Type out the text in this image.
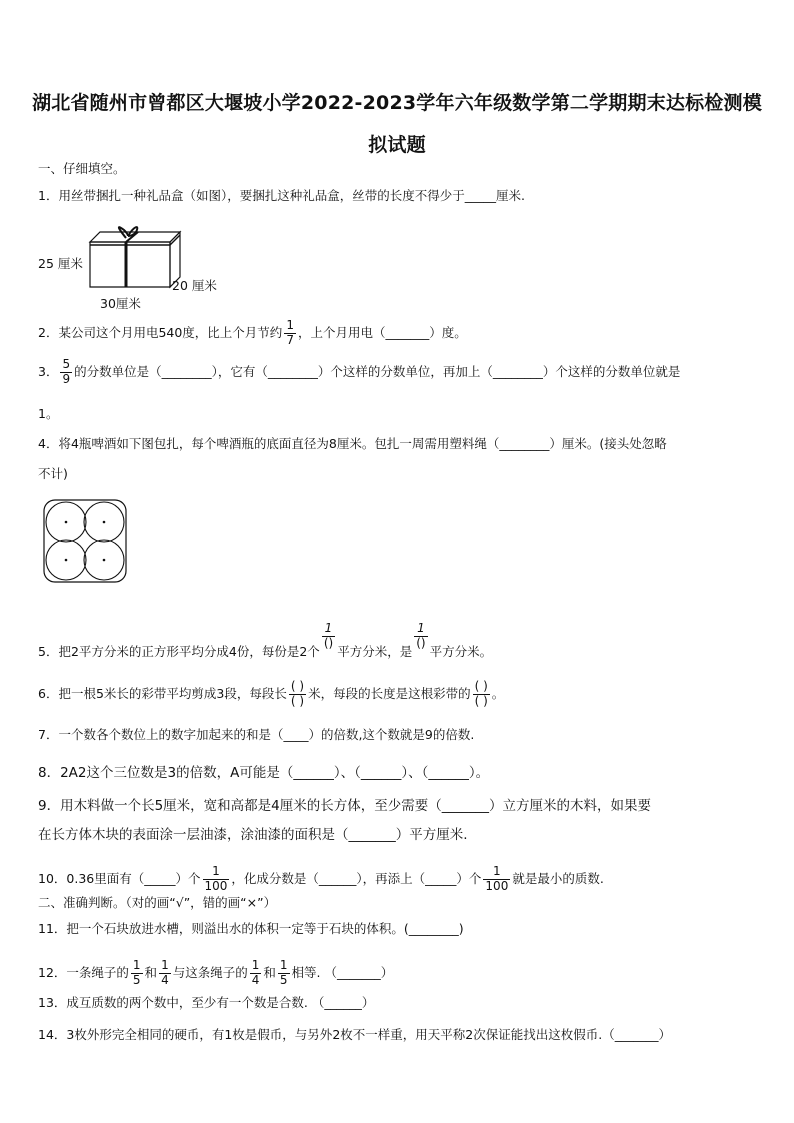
湖北省随州市曾都区大堰坡小学2022-2023学年六年级数学第二学期期末达标检测模
拟试题
一、仔细填空。
1．用丝带捆扎一种礼品盒（如图），要捆扎这种礼品盒，丝带的长度不得少于_____厘米.
25 厘米
20 厘米
30厘米
2．某公司这个月用电540度，比上个月节约 $\frac{1}{7}$ ，上个月用电（_______）度。
3． $\frac{5}{9}$ 的分数单位是（________），它有（________）个这样的分数单位，再加上（________）个这样的分数单位就是
1。
4．将4瓶啤酒如下图包扎，每个啤酒瓶的底面直径为8厘米。包扎一周需用塑料绳（________）厘米。(接头处忽略
不计)
5．把2平方分米的正方形平均分成4份，每份是2个
$\frac{1}{()}$
平方分米，是
$\frac{1}{()}$
平方分米。
6．把一根5米长的彩带平均剪成3段，每段长 $\frac{( )}{( )}$ 米，每段的长度是这根彩带的 $\frac{( )}{( )}$ 。
7．一个数各个数位上的数字加起来的和是（____）的倍数,这个数就是9的倍数.
8．2A2这个三位数是3的倍数，A可能是（______）、（______）、（______）。
9．用木料做一个长5厘米，宽和高都是4厘米的长方体，至少需要（_______）立方厘米的木料，如果要
在长方体木块的表面涂一层油漆，涂油漆的面积是（_______）平方厘米.
10．0.36里面有（_____）个 $\frac{1}{100}$ ，化成分数是（______），再添上（_____）个 $\frac{1}{100}$ 就是最小的质数.
二、准确判断。（对的画“√”，错的画“×”）
11．把一个石块放进水槽，则溢出水的体积一定等于石块的体积。(________)
12．一条绳子的 $\frac{1}{5}$ 和 $\frac{1}{4}$ 与这条绳子的 $\frac{1}{4}$ 和 $\frac{1}{5}$ 相等. （_______）
13．成互质数的两个数中，至少有一个数是合数. （______）
14．3枚外形完全相同的硬币，有1枚是假币，与另外2枚不一样重，用天平称2次保证能找出这枚假币.（_______）
